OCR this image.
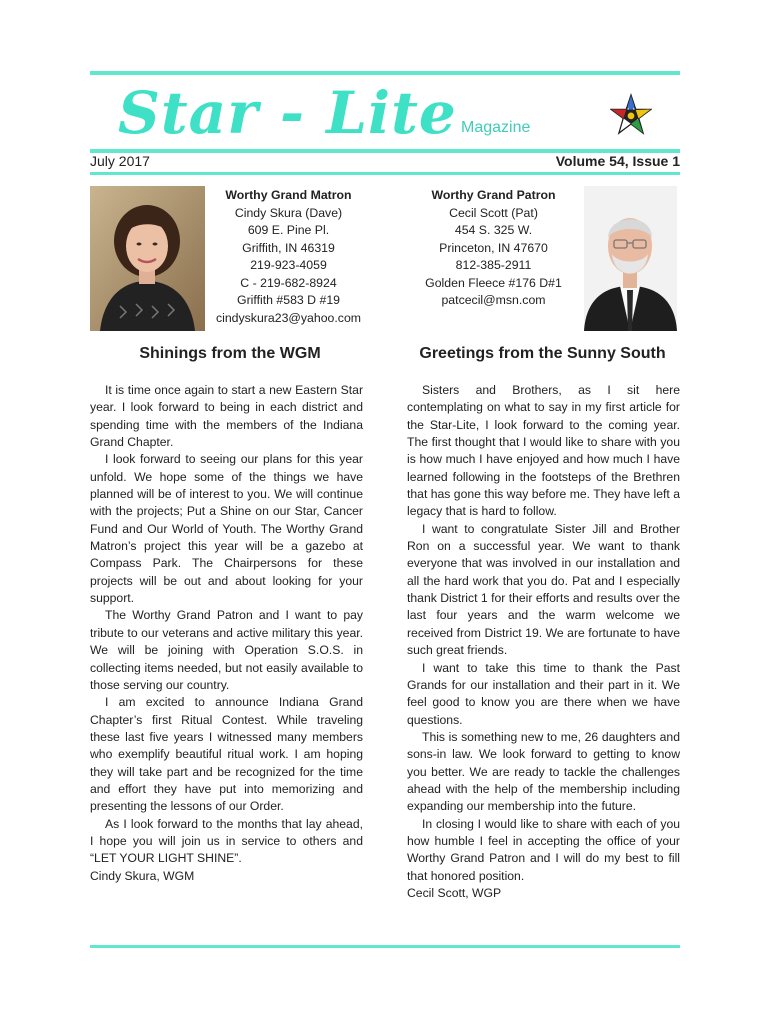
Star - Lite Magazine
July 2017	Volume 54, Issue 1
Worthy Grand Matron
Cindy Skura (Dave)
609 E. Pine Pl.
Griffith, IN 46319
219-923-4059
C - 219-682-8924
Griffith #583 D #19
cindyskura23@yahoo.com
Worthy Grand Patron
Cecil Scott (Pat)
454 S. 325 W.
Princeton, IN 47670
812-385-2911
Golden Fleece #176 D#1
patcecil@msn.com
Shinings from the WGM	Greetings from the Sunny South

It is time once again to start a new Eastern Star year. I look forward to being in each district and spending time with the members of the Indiana Grand Chapter.

I look forward to seeing our plans for this year unfold. We hope some of the things we have planned will be of interest to you. We will continue with the projects; Put a Shine on our Star, Cancer Fund and Our World of Youth. The Worthy Grand Matron’s project this year will be a gazebo at Compass Park. The Chairpersons for these projects will be out and about looking for your support.

The Worthy Grand Patron and I want to pay tribute to our veterans and active military this year. We will be joining with Operation S.O.S. in collecting items needed, but not easily available to those serving our country.

I am excited to announce Indiana Grand Chapter’s first Ritual Contest. While traveling these last five years I witnessed many members who exemplify beautiful ritual work. I am hoping they will take part and be recognized for the time and effort they have put into memorizing and presenting the lessons of our Order.

As I look forward to the months that lay ahead, I hope you will join us in service to others and “LET YOUR LIGHT SHINE”.

Cindy Skura, WGM

Sisters and Brothers, as I sit here contemplating on what to say in my first article for the Star-Lite, I look forward to the coming year. The first thought that I would like to share with you is how much I have enjoyed and how much I have learned following in the footsteps of the Brethren that has gone this way before me. They have left a legacy that is hard to follow.

I want to congratulate Sister Jill and Brother Ron on a successful year. We want to thank everyone that was involved in our installation and all the hard work that you do. Pat and I especially thank District 1 for their efforts and results over the last four years and the warm welcome we received from District 19. We are fortunate to have such great friends.

I want to take this time to thank the Past Grands for our installation and their part in it. We feel good to know you are there when we have questions.

This is something new to me, 26 daughters and sons-in law. We look forward to getting to know you better. We are ready to tackle the challenges ahead with the help of the membership including expanding our membership into the future.

In closing I would like to share with each of you how humble I feel in accepting the office of your Worthy Grand Patron and I will do my best to fill that honored position.

Cecil Scott, WGP
